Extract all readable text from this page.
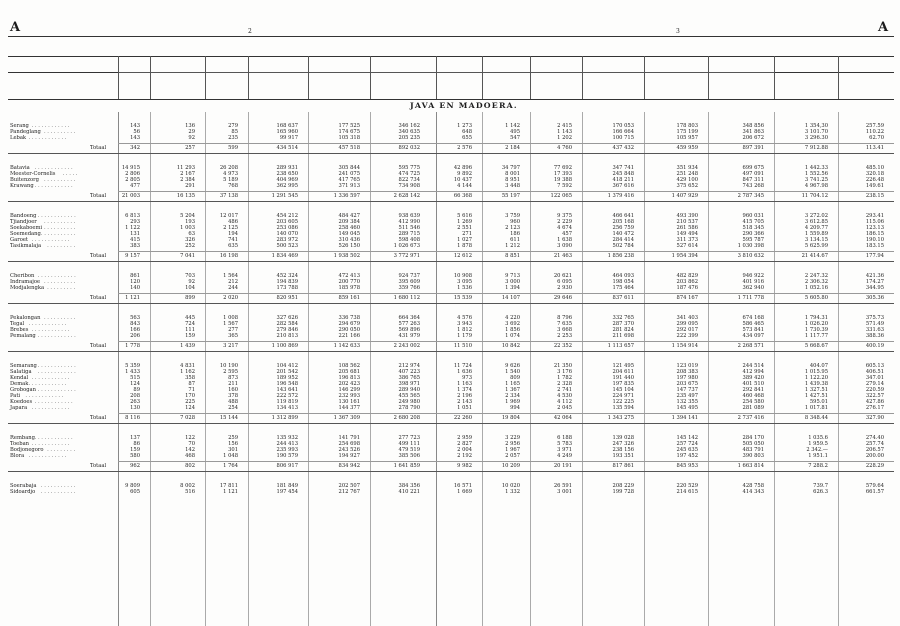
A	A
2	3
JAVA EN MADOERA.
Serang . . . . . . . . . . . .	143	136	279	168 637	177 525	346 162	1 273	1 142	2 415	170 053	178 803	348 856	1 354,30	257.59
Pandeglang . . . . . . . . . .	56	29	85	165 960	174 675	340 635	648	495	1 143	166 664	175 199	341 863	3 101.70	110.22
Lebak . . . . . . . . . . . .	143	92	235	99 917	105 318	205 235	655	547	1 202	100 715	105 957	206 672	3 296.30	62.70
Totaal	342	257	599	434 514	457 518	892 032	2 576	2 184	4 760	437 432	459 959	897 391	7 912.88	113.41
Batavia . . . . . . . . . . . .	14 915	11 293	26 208	289 931	305 844	595 775	42 896	34 797	77 692	347 741	351 934	699 675	1 442.33	485.10
Meester-Cornelis . . . . .	2 806	2 167	4 973	238 650	241 075	474 725	9 892	8 001	17 393	245 848	251 248	497 091	1 552.56	320.18
Buitenzorg . . . . . . . . . .	2 805	2 384	5 189	404 969	417 765	822 734	10 437	8 951	19 388	418 211	429 100	847 311	3 741.25	226.48
Krawang . . . . . . . . . . . .	477	291	768	362 995	371 913	734 908	4 144	3 448	7 592	367 616	375 652	743 268	4 967.98	149.61
Totaal	21 003	16 135	37 138	1 291 545	1 336 597	2 628 142	66 368	55 197	122 065	1 379 416	1 407 929	2 787 345	11 704.12	238.15
Bandoeng . . . . . . . . . . . .	6 813	5 204	12 017	454 212	484 427	938 639	5 616	3 759	9 375	466 641	493 390	960 031	3 272.02	293.41
Tjiandjoer . . . . . . . . . .	293	193	486	203 605	209 384	412 990	1 269	960	2 229	205 168	210 537	415 705	3 612.85	115.06
Soekaboemi . . . . . . . . . .	1 122	1 003	2 125	253 086	258 460	511 546	2 551	2 123	4 674	256 759	261 586	518 345	4 209.77	123.13
Soemedang . . . . . . . . . . .	131	63	194	140 070	149 045	289 715	271	186	457	140 472	149 494	290 366	1 559.89	186.15
Garoet . . . . . . . . . . . .	415	326	741	283 972	310 436	598 408	1 027	611	1 638	284 414	311 373	595 787	3 134.15	190.10
Tasikmalaja . . . . . . . . .	383	252	635	500 523	526 150	1 026 673	1 878	1 212	3 090	502 784	527 614	1 030 398	5 625.99	183.15
Totaal	9 157	7 041	16 198	1 834 469	1 938 502	3 772 971	12 612	8 851	21 463	1 856 238	1 954 394	3 810 632	21 414.67	177.94
Cheribon . . . . . . . . . . . .	861	703	1 564	452 324	472 413	924 737	10 908	9 713	20 621	464 093	482 829	946 922	2 247.32	421.36
Indramajoe . . . . . . . . . .	120	92	212	194 839	200 770	395 609	3 095	3 000	6 095	198 054	203 862	401 916	2 306.32	174.27
Modjalengka . . . . . . . . .	140	104	244	173 788	185 978	359 766	1 536	1 394	2 930	175 464	187 476	362 940	1 052.16	344.95
Totaal	1 121	899	2 020	820 951	859 161	1 680 112	15 539	14 107	29 646	837 611	874 167	1 711 778	5 605.80	305.36
Pekalongan . . . . . . . . . .	563	445	1 008	327 626	336 738	664 364	4 576	4 220	8 796	332 765	341 403	674 168	1 794.31	375.73
Tegal . . . . . . . . . . . .	843	724	1 567	282 584	294 679	577 263	3 943	3 692	7 635	287 370	299 095	586 465	1 026.20	571.49
Brebes . . . . . . . . . . . .	166	111	277	279 846	290 050	569 896	1 812	1 856	3 668	281 824	292 017	573 841	1 730.39	331.63
Pemalang . . . . . . . . . . . .	206	159	365	210 813	221 166	431 979	1 179	1 074	2 253	211 698	222 399	434 097	1 117.77	388.36
Totaal	1 778	1 439	3 217	1 100 869	1 142 633	2 243 002	11 510	10 842	22 352	1 113 657	1 154 914	2 268 571	5 668.67	400.19
Semarang . . . . . . . . . . . .	5 359	4 831	10 190	104 412	108 562	212 974	11 724	9 626	21 350	121 495	123 019	244 514	404.07	605.13
Salatiga . . . . . . . . . . . .	1 433	1 162	2 595	201 542	205 681	407 223	1 636	1 540	3 176	204 611	208 383	412 994	1 015.95	406.51
Kendal . . . . . . . . . . . .	515	358	873	189 952	196 813	386 765	973	809	1 782	191 440	197 980	389 420	1 122.20	347.01
Demak . . . . . . . . . . . .	124	87	211	196 548	202 423	398 971	1 163	1 165	2 328	197 835	203 675	401 510	1 439.38	279.14
Grobogan . . . . . . . . . . . .	89	71	160	143 641	146 299	289 940	1 374	1 367	2 741	145 104	147 737	292 841	1 327.51	220.59
Pati . . . . . . . . . . . .	208	170	378	222 572	232 993	455 565	2 196	2 334	4 530	224 971	235 497	460 468	1 427.51	322.57
Koedoes . . . . . . . . . . . .	263	225	488	119 819	130 161	249 980	2 143	1 969	4 112	122 225	132 355	254 580	595.01	427.86
Japara . . . . . . . . . . . .	130	124	254	134 413	144 377	278 790	1 051	994	2 045	135 594	145 495	281 089	1 017.81	276.17
Totaal	8 116	7 028	15 144	1 312 899	1 367 309	2 680 208	22 260	19 804	42 064	1 343 275	1 394 141	2 737 416	8 348.44	327.90
Rembang . . . . . . . . . . . .	137	122	259	135 932	141 791	277 723	2 959	3 229	6 188	139 028	145 142	284 170	1 035.6	274.40
Toeban . . . . . . . . . . . .	86	70	156	244 413	254 698	499 111	2 827	2 956	5 783	247 326	257 724	505 050	1 959.5	257.74
Bodjonegoro . . . . . . . . .	159	142	301	235 993	243 526	479 519	2 004	1 967	3 971	238 156	245 635	483 791	2 342.—	206.57
Blora . . . . . . . . . . . .	580	468	1 048	190 579	194 927	385 506	2 192	2 057	4 249	193 351	197 452	390 803	1 951.1	200.00
Totaal	962	802	1 764	806 917	834 942	1 641 859	9 982	10 209	20 191	817 861	845 953	1 663 814	7 288.2	228.29
Soerabaja . . . . . . . . . . .	9 809	8 002	17 811	181 849	202 507	384 356	16 571	10 020	26 591	208 229	220 529	428 758	739.7	579.64
Sidoardjo . . . . . . . . . . .	605	516	1 121	197 454	212 767	410 221	1 669	1 332	3 001	199 728	214 615	414 343	626.3	661.57
